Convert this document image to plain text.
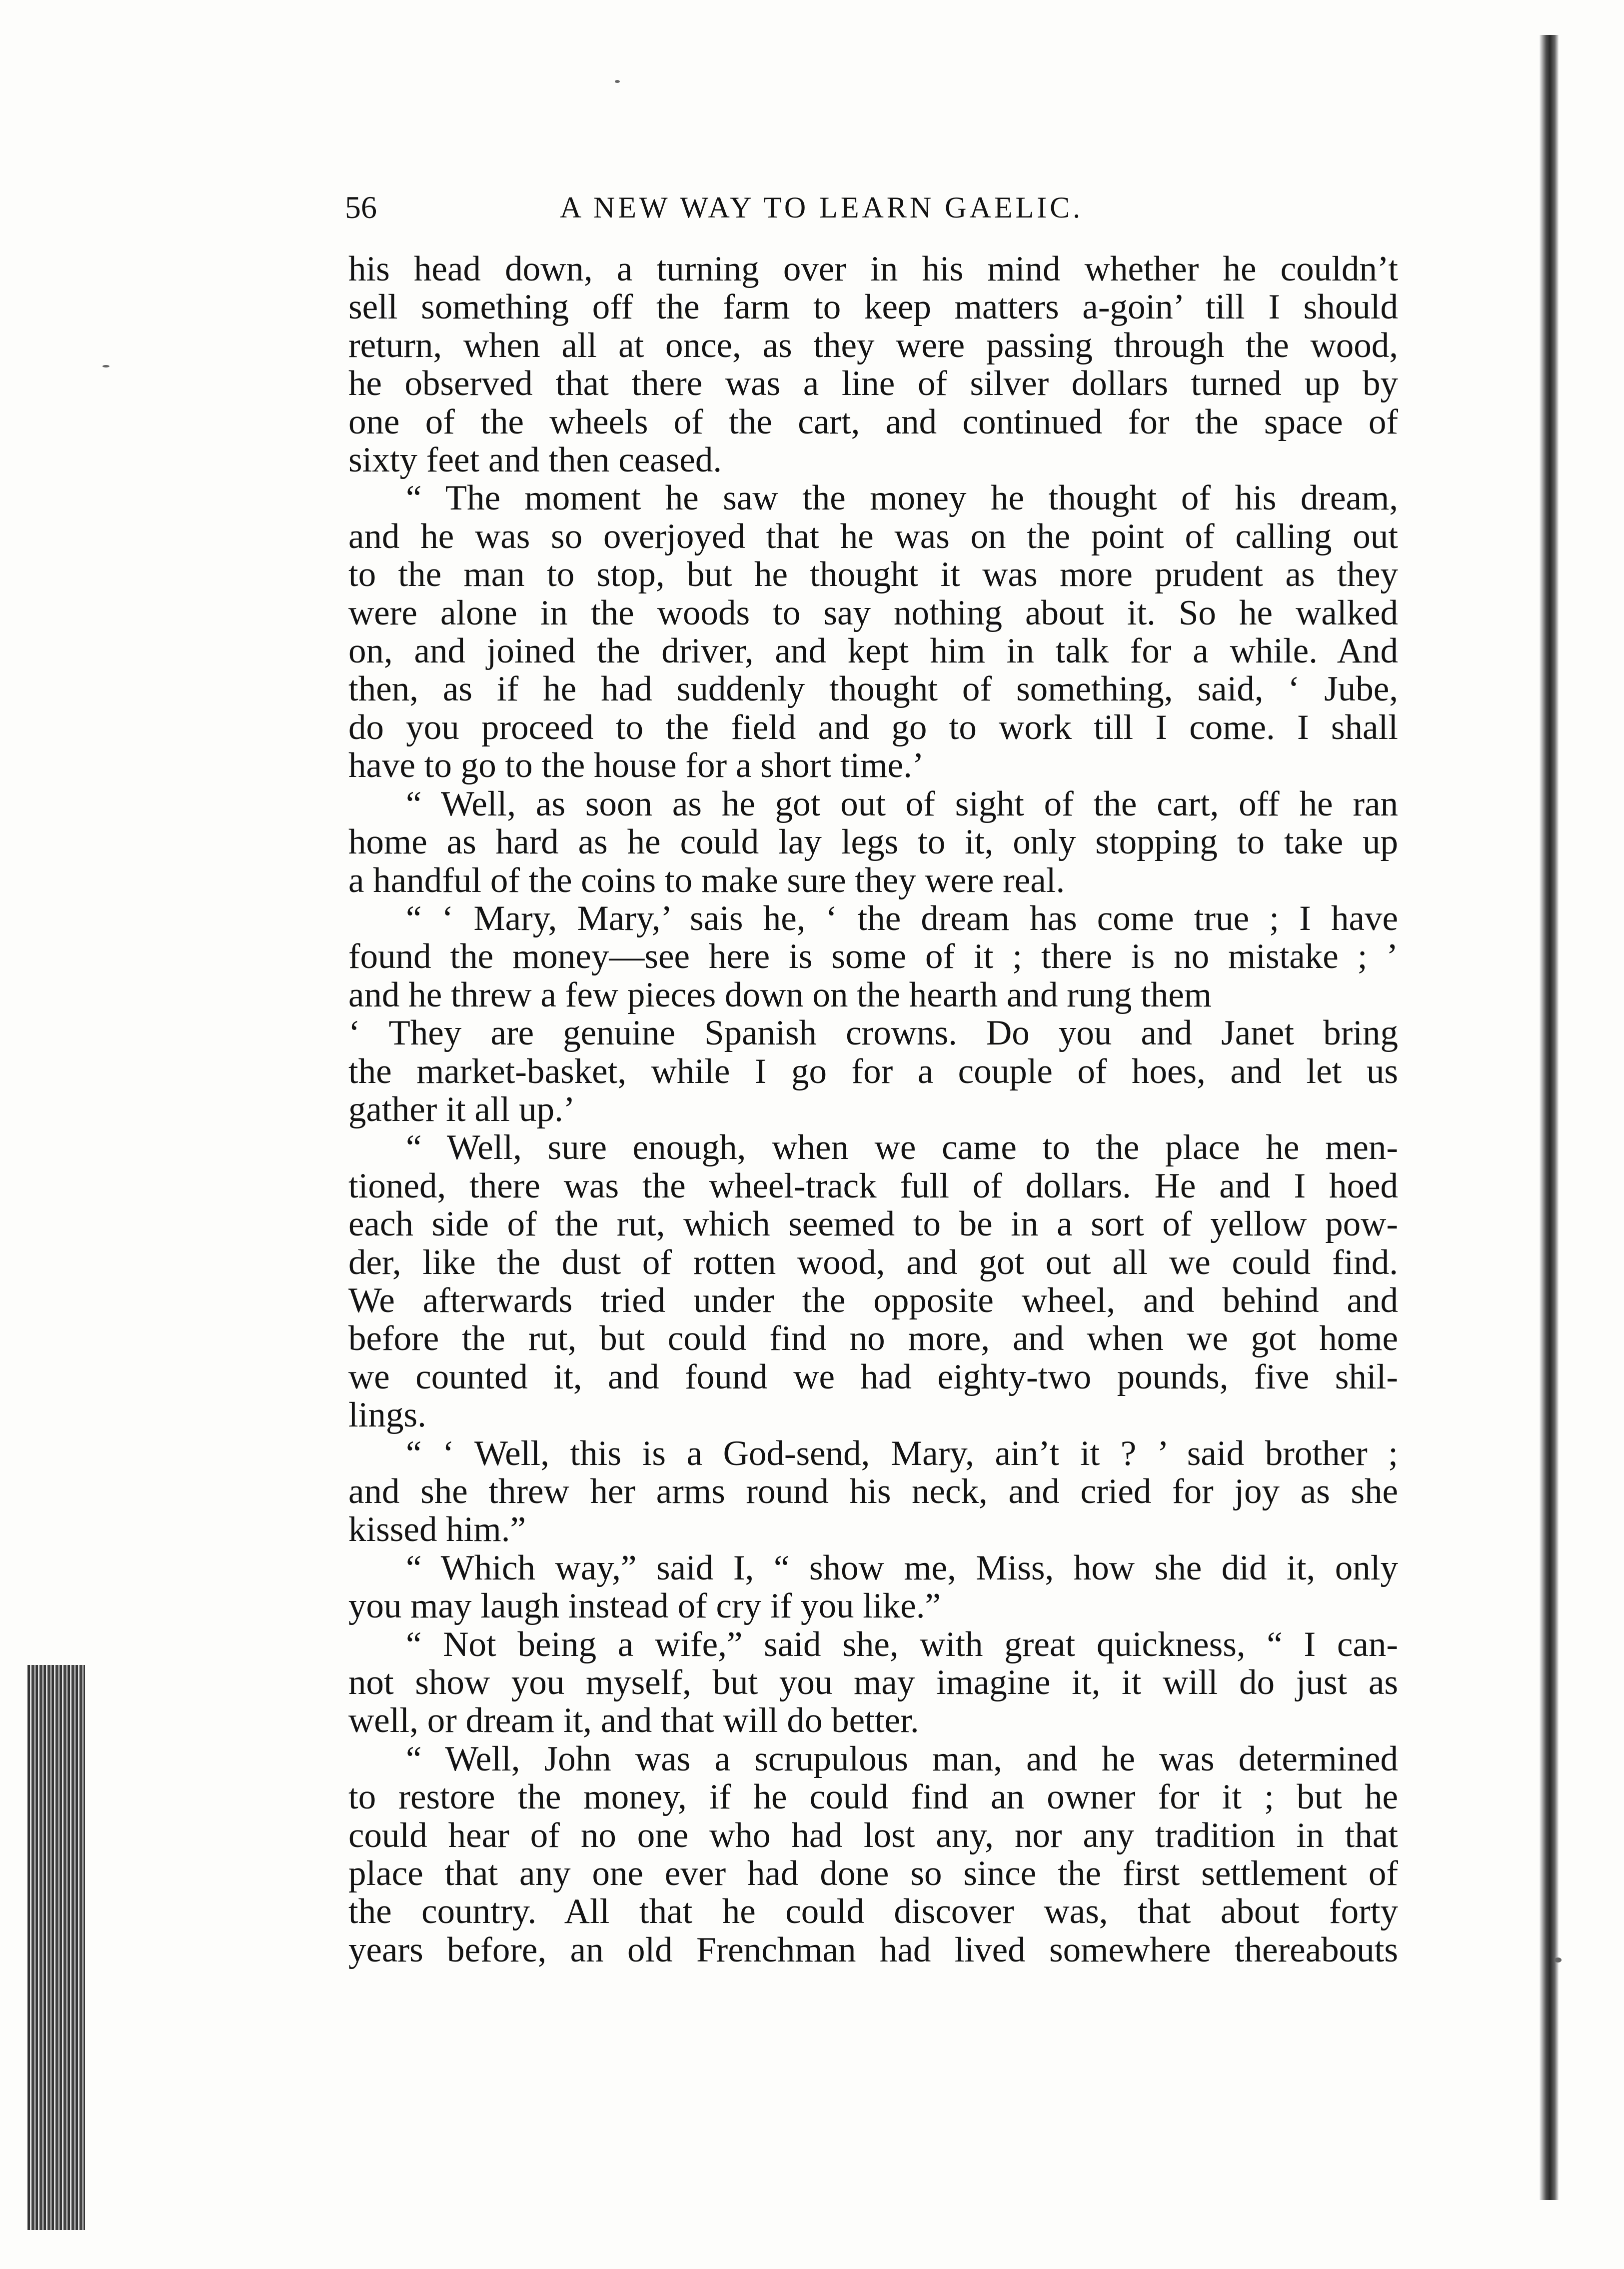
56	A NEW WAY TO LEARN GAELIC.
his head down, a turning over in his mind whether he couldn’t
sell something off the farm to keep matters a-goin’ till I should
return, when all at once, as they were passing through the wood,
he observed that there was a line of silver dollars turned up by
one of the wheels of the cart, and continued for the space of
sixty feet and then ceased.
“ The moment he saw the money he thought of his dream,
and he was so overjoyed that he was on the point of calling out
to the man to stop, but he thought it was more prudent as they
were alone in the woods to say nothing about it. So he walked
on, and joined the driver, and kept him in talk for a while. And
then, as if he had suddenly thought of something, said, ‘ Jube,
do you proceed to the field and go to work till I come. I shall
have to go to the house for a short time.’
“ Well, as soon as he got out of sight of the cart, off he ran
home as hard as he could lay legs to it, only stopping to take up
a handful of the coins to make sure they were real.
“ ‘ Mary, Mary,’ sais he, ‘ the dream has come true ; I have
found the money—see here is some of it ; there is no mistake ; ’
and he threw a few pieces down on the hearth and rung them
‘ They are genuine Spanish crowns. Do you and Janet bring
the market-basket, while I go for a couple of hoes, and let us
gather it all up.’
“ Well, sure enough, when we came to the place he men-
tioned, there was the wheel-track full of dollars. He and I hoed
each side of the rut, which seemed to be in a sort of yellow pow-
der, like the dust of rotten wood, and got out all we could find.
We afterwards tried under the opposite wheel, and behind and
before the rut, but could find no more, and when we got home
we counted it, and found we had eighty-two pounds, five shil-
lings.
“ ‘ Well, this is a God-send, Mary, ain’t it ? ’ said brother ;
and she threw her arms round his neck, and cried for joy as she
kissed him.”
“ Which way,” said I, “ show me, Miss, how she did it, only
you may laugh instead of cry if you like.”
“ Not being a wife,” said she, with great quickness, “ I can-
not show you myself, but you may imagine it, it will do just as
well, or dream it, and that will do better.
“ Well, John was a scrupulous man, and he was determined
to restore the money, if he could find an owner for it ; but he
could hear of no one who had lost any, nor any tradition in that
place that any one ever had done so since the first settlement of
the country. All that he could discover was, that about forty
years before, an old Frenchman had lived somewhere thereabouts
